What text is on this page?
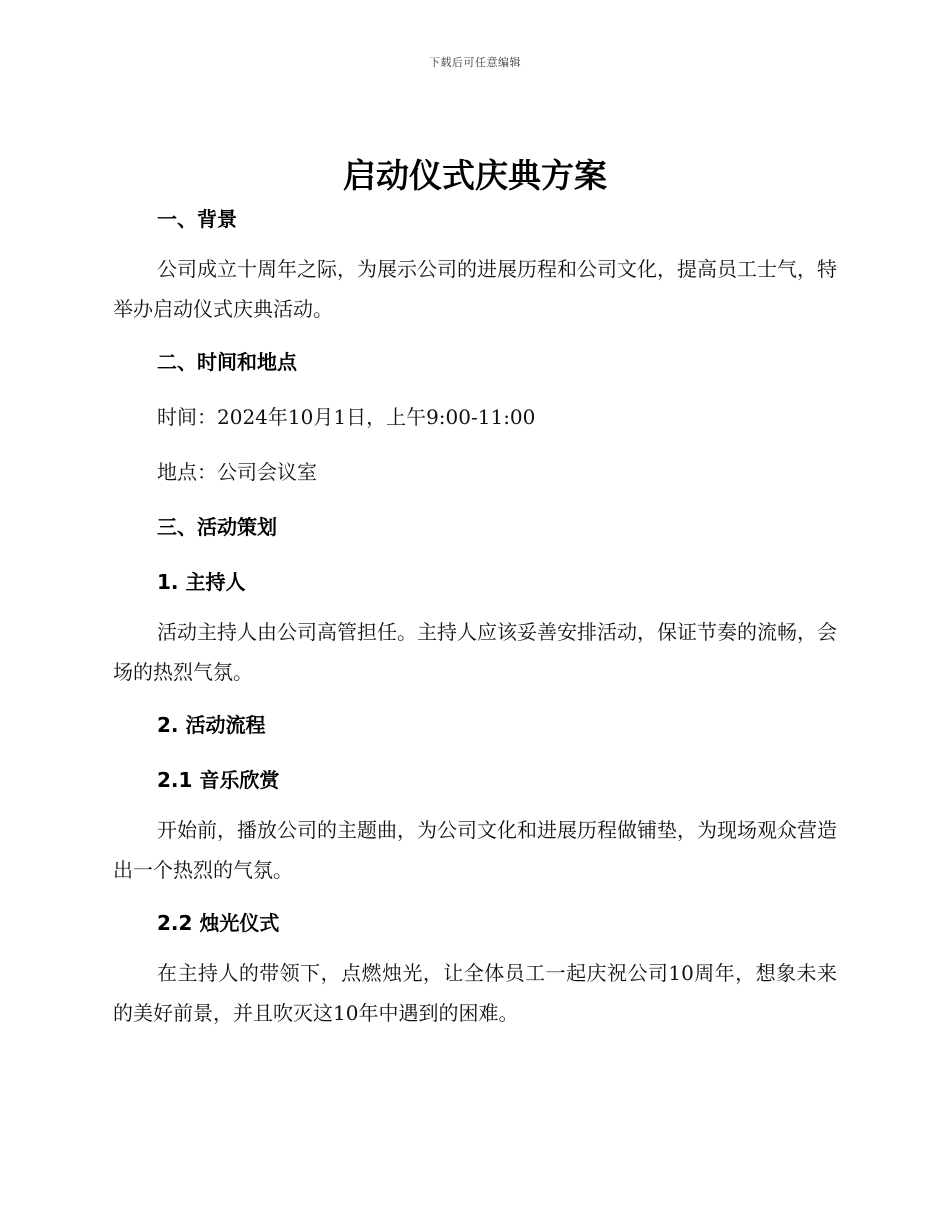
下载后可任意编辑
启动仪式庆典方案
一、背景

公司成立十周年之际，为展示公司的进展历程和公司文化，提高员工士气，特举办启动仪式庆典活动。

二、时间和地点

时间：2024年10月1日，上午9:00-11:00

地点：公司会议室

三、活动策划
1. 主持人

活动主持人由公司高管担任。主持人应该妥善安排活动，保证节奏的流畅，会场的热烈气氛。

2. 活动流程
2.1 音乐欣赏

开始前，播放公司的主题曲，为公司文化和进展历程做铺垫，为现场观众营造出一个热烈的气氛。

2.2 烛光仪式

在主持人的带领下，点燃烛光，让全体员工一起庆祝公司10周年，想象未来的美好前景，并且吹灭这10年中遇到的困难。
